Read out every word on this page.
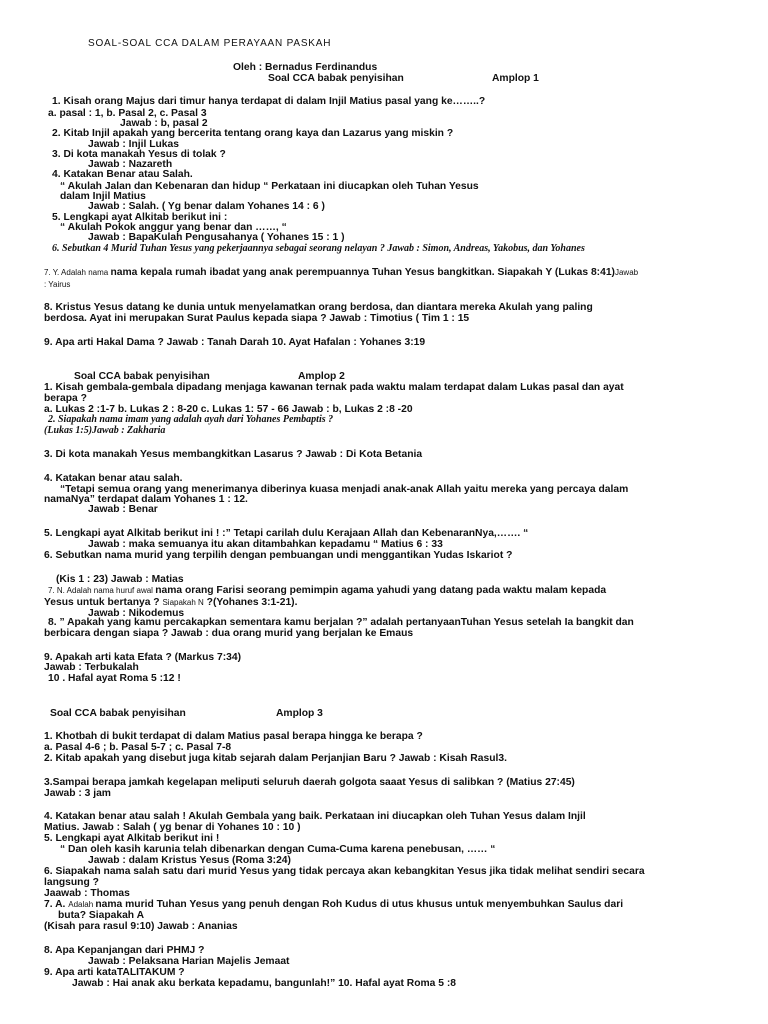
SOAL-SOAL CCA DALAM PERAYAAN PASKAH
Oleh : Bernadus Ferdinandus
Soal CCA babak penyisihan	Amplop 1
1. Kisah orang Majus dari timur hanya terdapat di dalam Injil Matius pasal yang ke……..?
a. pasal : 1, b. Pasal 2, c. Pasal 3
Jawab : b, pasal 2
2. Kitab Injil apakah yang bercerita tentang orang kaya dan Lazarus yang miskin ?
Jawab : Injil Lukas
3. Di kota manakah Yesus di tolak ?
Jawab : Nazareth
4. Katakan Benar atau Salah.
“ Akulah Jalan dan Kebenaran dan hidup “ Perkataan ini diucapkan oleh Tuhan Yesus
dalam Injil Matius
Jawab : Salah. ( Yg benar dalam Yohanes 14 : 6 )
5. Lengkapi ayat Alkitab berikut ini :
“ Akulah Pokok anggur yang benar dan ……, “
Jawab : BapaKulah Pengusahanya ( Yohanes 15 : 1 )
6. Sebutkan 4 Murid Tuhan Yesus yang pekerjaannya sebagai seorang nelayan ? Jawab : Simon, Andreas, Yakobus, dan Yohanes
7. Y. Adalah nama nama kepala rumah ibadat yang anak perempuannya Tuhan Yesus bangkitkan. Siapakah Y (Lukas 8:41)Jawab
: Yairus
8. Kristus Yesus datang ke dunia untuk menyelamatkan orang berdosa, dan diantara mereka Akulah yang paling
berdosa. Ayat ini merupakan Surat Paulus kepada siapa ? Jawab : Timotius ( Tim 1 : 15
9. Apa arti Hakal Dama ? Jawab : Tanah Darah 10. Ayat Hafalan : Yohanes 3:19
Soal CCA babak penyisihan	Amplop 2
1. Kisah gembala-gembala dipadang menjaga kawanan ternak pada waktu malam terdapat dalam Lukas pasal dan ayat
berapa ?
a. Lukas 2 :1-7 b. Lukas 2 : 8-20 c. Lukas 1: 57 - 66 Jawab : b, Lukas 2 :8 -20
2. Siapakah nama imam yang adalah ayah dari Yohanes Pembaptis ?
(Lukas 1:5)Jawab : Zakharia
3. Di kota manakah Yesus membangkitkan Lasarus ? Jawab : Di Kota Betania
4. Katakan benar atau salah.
“Tetapi semua orang yang menerimanya diberinya kuasa menjadi anak-anak Allah yaitu mereka yang percaya dalam
namaNya” terdapat dalam Yohanes 1 : 12.
Jawab : Benar
5. Lengkapi ayat Alkitab berikut ini ! :” Tetapi carilah dulu Kerajaan Allah dan KebenaranNya,……. “
Jawab : maka semuanya itu akan ditambahkan kepadamu “ Matius 6 : 33
6. Sebutkan nama murid yang terpilih dengan pembuangan undi menggantikan Yudas Iskariot ?
(Kis 1 : 23) Jawab : Matias
7. N. Adalah nama huruf awal nama orang Farisi seorang pemimpin agama yahudi yang datang pada waktu malam kepada
Yesus untuk bertanya ? Siapakah N ?(Yohanes 3:1-21).
Jawab : Nikodemus
8. ” Apakah yang kamu percakapkan sementara kamu berjalan ?” adalah pertanyaanTuhan Yesus setelah Ia bangkit dan
berbicara dengan siapa ? Jawab : dua orang murid yang berjalan ke Emaus
9. Apakah arti kata Efata ? (Markus 7:34)
Jawab : Terbukalah
10 . Hafal ayat Roma 5 :12 !
Soal CCA babak penyisihan	Amplop 3
1. Khotbah di bukit terdapat di dalam Matius pasal berapa hingga ke berapa ?
a. Pasal 4-6 ; b. Pasal 5-7 ; c. Pasal 7-8
2. Kitab apakah yang disebut juga kitab sejarah dalam Perjanjian Baru ? Jawab : Kisah Rasul3.
3.Sampai berapa jamkah kegelapan meliputi seluruh daerah golgota saaat Yesus di salibkan ? (Matius 27:45)
Jawab : 3 jam
4. Katakan benar atau salah ! Akulah Gembala yang baik. Perkataan ini diucapkan oleh Tuhan Yesus dalam Injil
Matius. Jawab : Salah ( yg benar di Yohanes 10 : 10 )
5. Lengkapi ayat Alkitab berikut ini !
“ Dan oleh kasih karunia telah dibenarkan dengan Cuma-Cuma karena penebusan, …… “
Jawab : dalam Kristus Yesus (Roma 3:24)
6. Siapakah nama salah satu dari murid Yesus yang tidak percaya akan kebangkitan Yesus jika tidak melihat sendiri secara
langsung ?
Jaawab : Thomas
7. A. Adalah nama murid Tuhan Yesus yang penuh dengan Roh Kudus di utus khusus untuk menyembuhkan Saulus dari
buta? Siapakah A
(Kisah para rasul 9:10) Jawab : Ananias
8. Apa Kepanjangan dari PHMJ ?
Jawab : Pelaksana Harian Majelis Jemaat
9. Apa arti kataTALITAKUM ?
Jawab : Hai anak aku berkata kepadamu, bangunlah!” 10. Hafal ayat Roma 5 :8
